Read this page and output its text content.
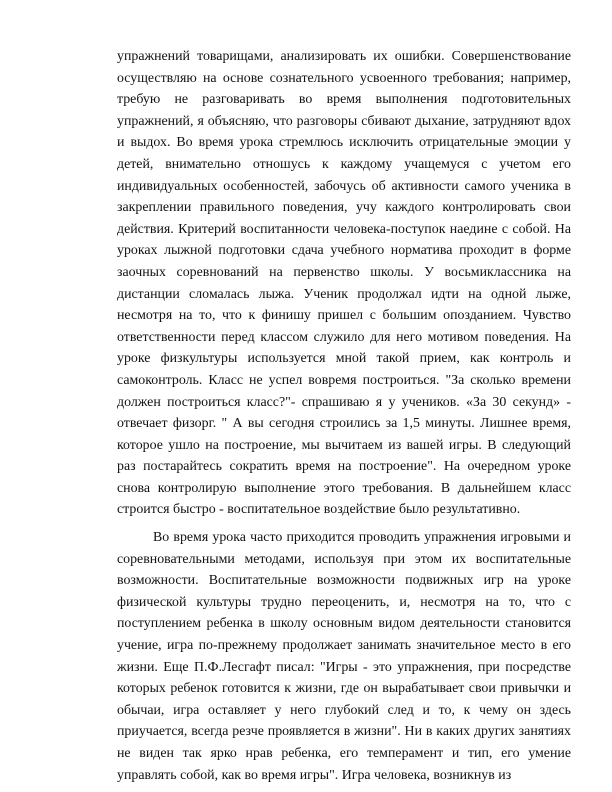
упражнений товарищами, анализировать их ошибки. Совершенствование осуществляю на основе сознательного усвоенного требования; например, требую не разговаривать во время выполнения подготовительных упражнений, я объясняю, что разговоры сбивают дыхание, затрудняют вдох и выдох. Во время урока стремлюсь исключить отрицательные эмоции у детей, внимательно отношусь к каждому учащемуся с учетом его индивидуальных особенностей, забочусь об активности самого ученика в закреплении правильного поведения, учу каждого контролировать свои действия. Критерий воспитанности человека-поступок наедине с собой. На уроках лыжной подготовки сдача учебного норматива проходит в форме заочных соревнований на первенство школы. У восьмиклассника на дистанции сломалась лыжа. Ученик продолжал идти на одной лыже, несмотря на то, что к финишу пришел с большим опозданием. Чувство ответственности перед классом служило для него мотивом поведения. На уроке физкультуры используется мной такой прием, как контроль и самоконтроль. Класс не успел вовремя построиться. "За сколько времени должен построиться класс?"- спрашиваю я у учеников. «За 30 секунд» - отвечает физорг. " А вы сегодня строились за 1,5 минуты. Лишнее время, которое ушло на построение, мы вычитаем из вашей игры. В следующий раз постарайтесь сократить время на построение". На очередном уроке снова контролирую выполнение этого требования. В дальнейшем класс строится быстро - воспитательное воздействие было результативно.

Во время урока часто приходится проводить упражнения игровыми и соревновательными методами, используя при этом их воспитательные возможности. Воспитательные возможности подвижных игр на уроке физической культуры трудно переоценить, и, несмотря на то, что с поступлением ребенка в школу основным видом деятельности становится учение, игра по-прежнему продолжает занимать значительное место в его жизни. Еще П.Ф.Лесгафт писал: "Игры - это упражнения, при посредстве которых ребенок готовится к жизни, где он вырабатывает свои привычки и обычаи, игра оставляет у него глубокий след и то, к чему он здесь приучается, всегда резче проявляется в жизни". Ни в каких других занятиях не виден так ярко нрав ребенка, его темперамент и тип, его умение управлять собой, как во время игры". Игра человека, возникнув из
